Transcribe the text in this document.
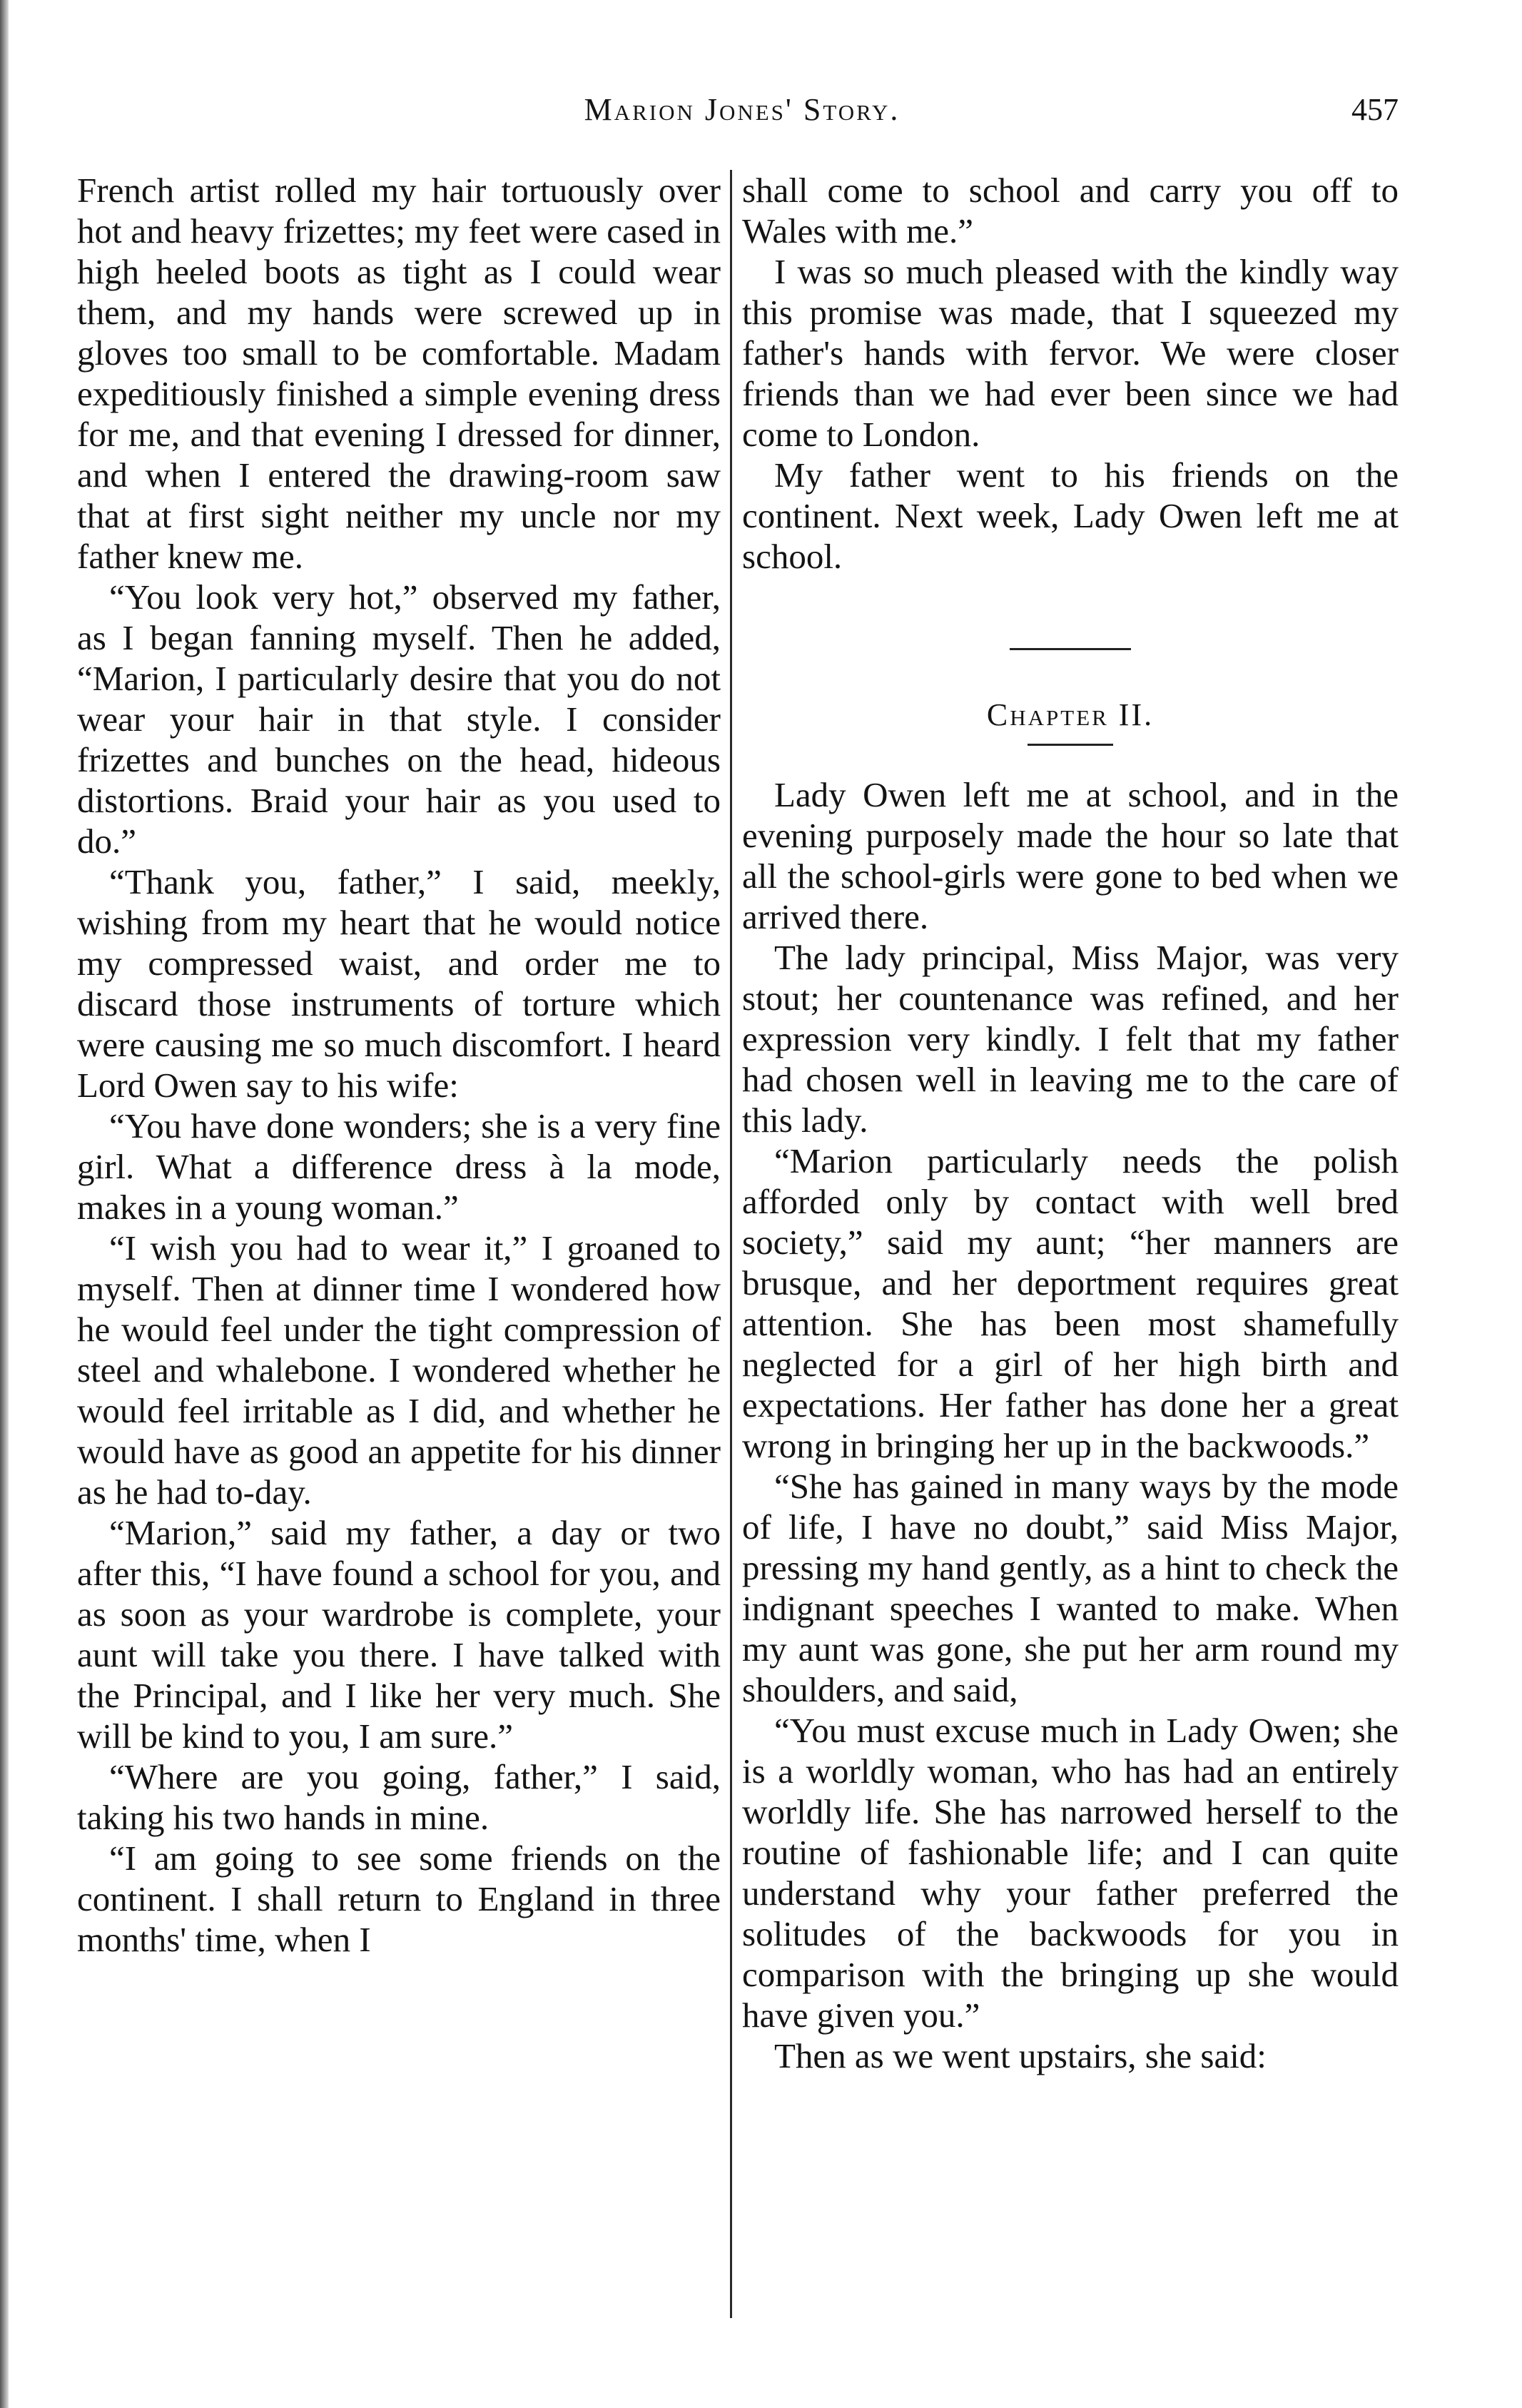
Marion Jones' Story.	457

French artist rolled my hair tortuously over hot and heavy frizettes; my feet were cased in high heeled boots as tight as I could wear them, and my hands were screwed up in gloves too small to be comfortable. Madam expeditiously finished a simple evening dress for me, and that evening I dressed for dinner, and when I entered the drawing-room saw that at first sight neither my uncle nor my father knew me.

“You look very hot,” observed my father, as I began fanning myself. Then he added, “Marion, I particularly desire that you do not wear your hair in that style. I consider frizettes and bunches on the head, hideous distortions. Braid your hair as you used to do.”

“Thank you, father,” I said, meekly, wishing from my heart that he would notice my compressed waist, and order me to discard those instruments of torture which were causing me so much discomfort. I heard Lord Owen say to his wife:

“You have done wonders; she is a very fine girl. What a difference dress à la mode, makes in a young woman.”

“I wish you had to wear it,” I groaned to myself. Then at dinner time I wondered how he would feel under the tight compression of steel and whalebone. I wondered whether he would feel irritable as I did, and whether he would have as good an appetite for his dinner as he had to-day.

“Marion,” said my father, a day or two after this, “I have found a school for you, and as soon as your wardrobe is complete, your aunt will take you there. I have talked with the Principal, and I like her very much. She will be kind to you, I am sure.”

“Where are you going, father,” I said, taking his two hands in mine.

“I am going to see some friends on the continent. I shall return to England in three months' time, when I

shall come to school and carry you off to Wales with me.”

I was so much pleased with the kindly way this promise was made, that I squeezed my father's hands with fervor. We were closer friends than we had ever been since we had come to London.

My father went to his friends on the continent. Next week, Lady Owen left me at school.

Chapter II.

Lady Owen left me at school, and in the evening purposely made the hour so late that all the school-girls were gone to bed when we arrived there.

The lady principal, Miss Major, was very stout; her countenance was refined, and her expression very kindly. I felt that my father had chosen well in leaving me to the care of this lady.

“Marion particularly needs the polish afforded only by contact with well bred society,” said my aunt; “her manners are brusque, and her deportment requires great attention. She has been most shamefully neglected for a girl of her high birth and expectations. Her father has done her a great wrong in bringing her up in the backwoods.”

“She has gained in many ways by the mode of life, I have no doubt,” said Miss Major, pressing my hand gently, as a hint to check the indignant speeches I wanted to make. When my aunt was gone, she put her arm round my shoulders, and said,

“You must excuse much in Lady Owen; she is a worldly woman, who has had an entirely worldly life. She has narrowed herself to the routine of fashionable life; and I can quite understand why your father preferred the solitudes of the backwoods for you in comparison with the bringing up she would have given you.”

Then as we went upstairs, she said:
